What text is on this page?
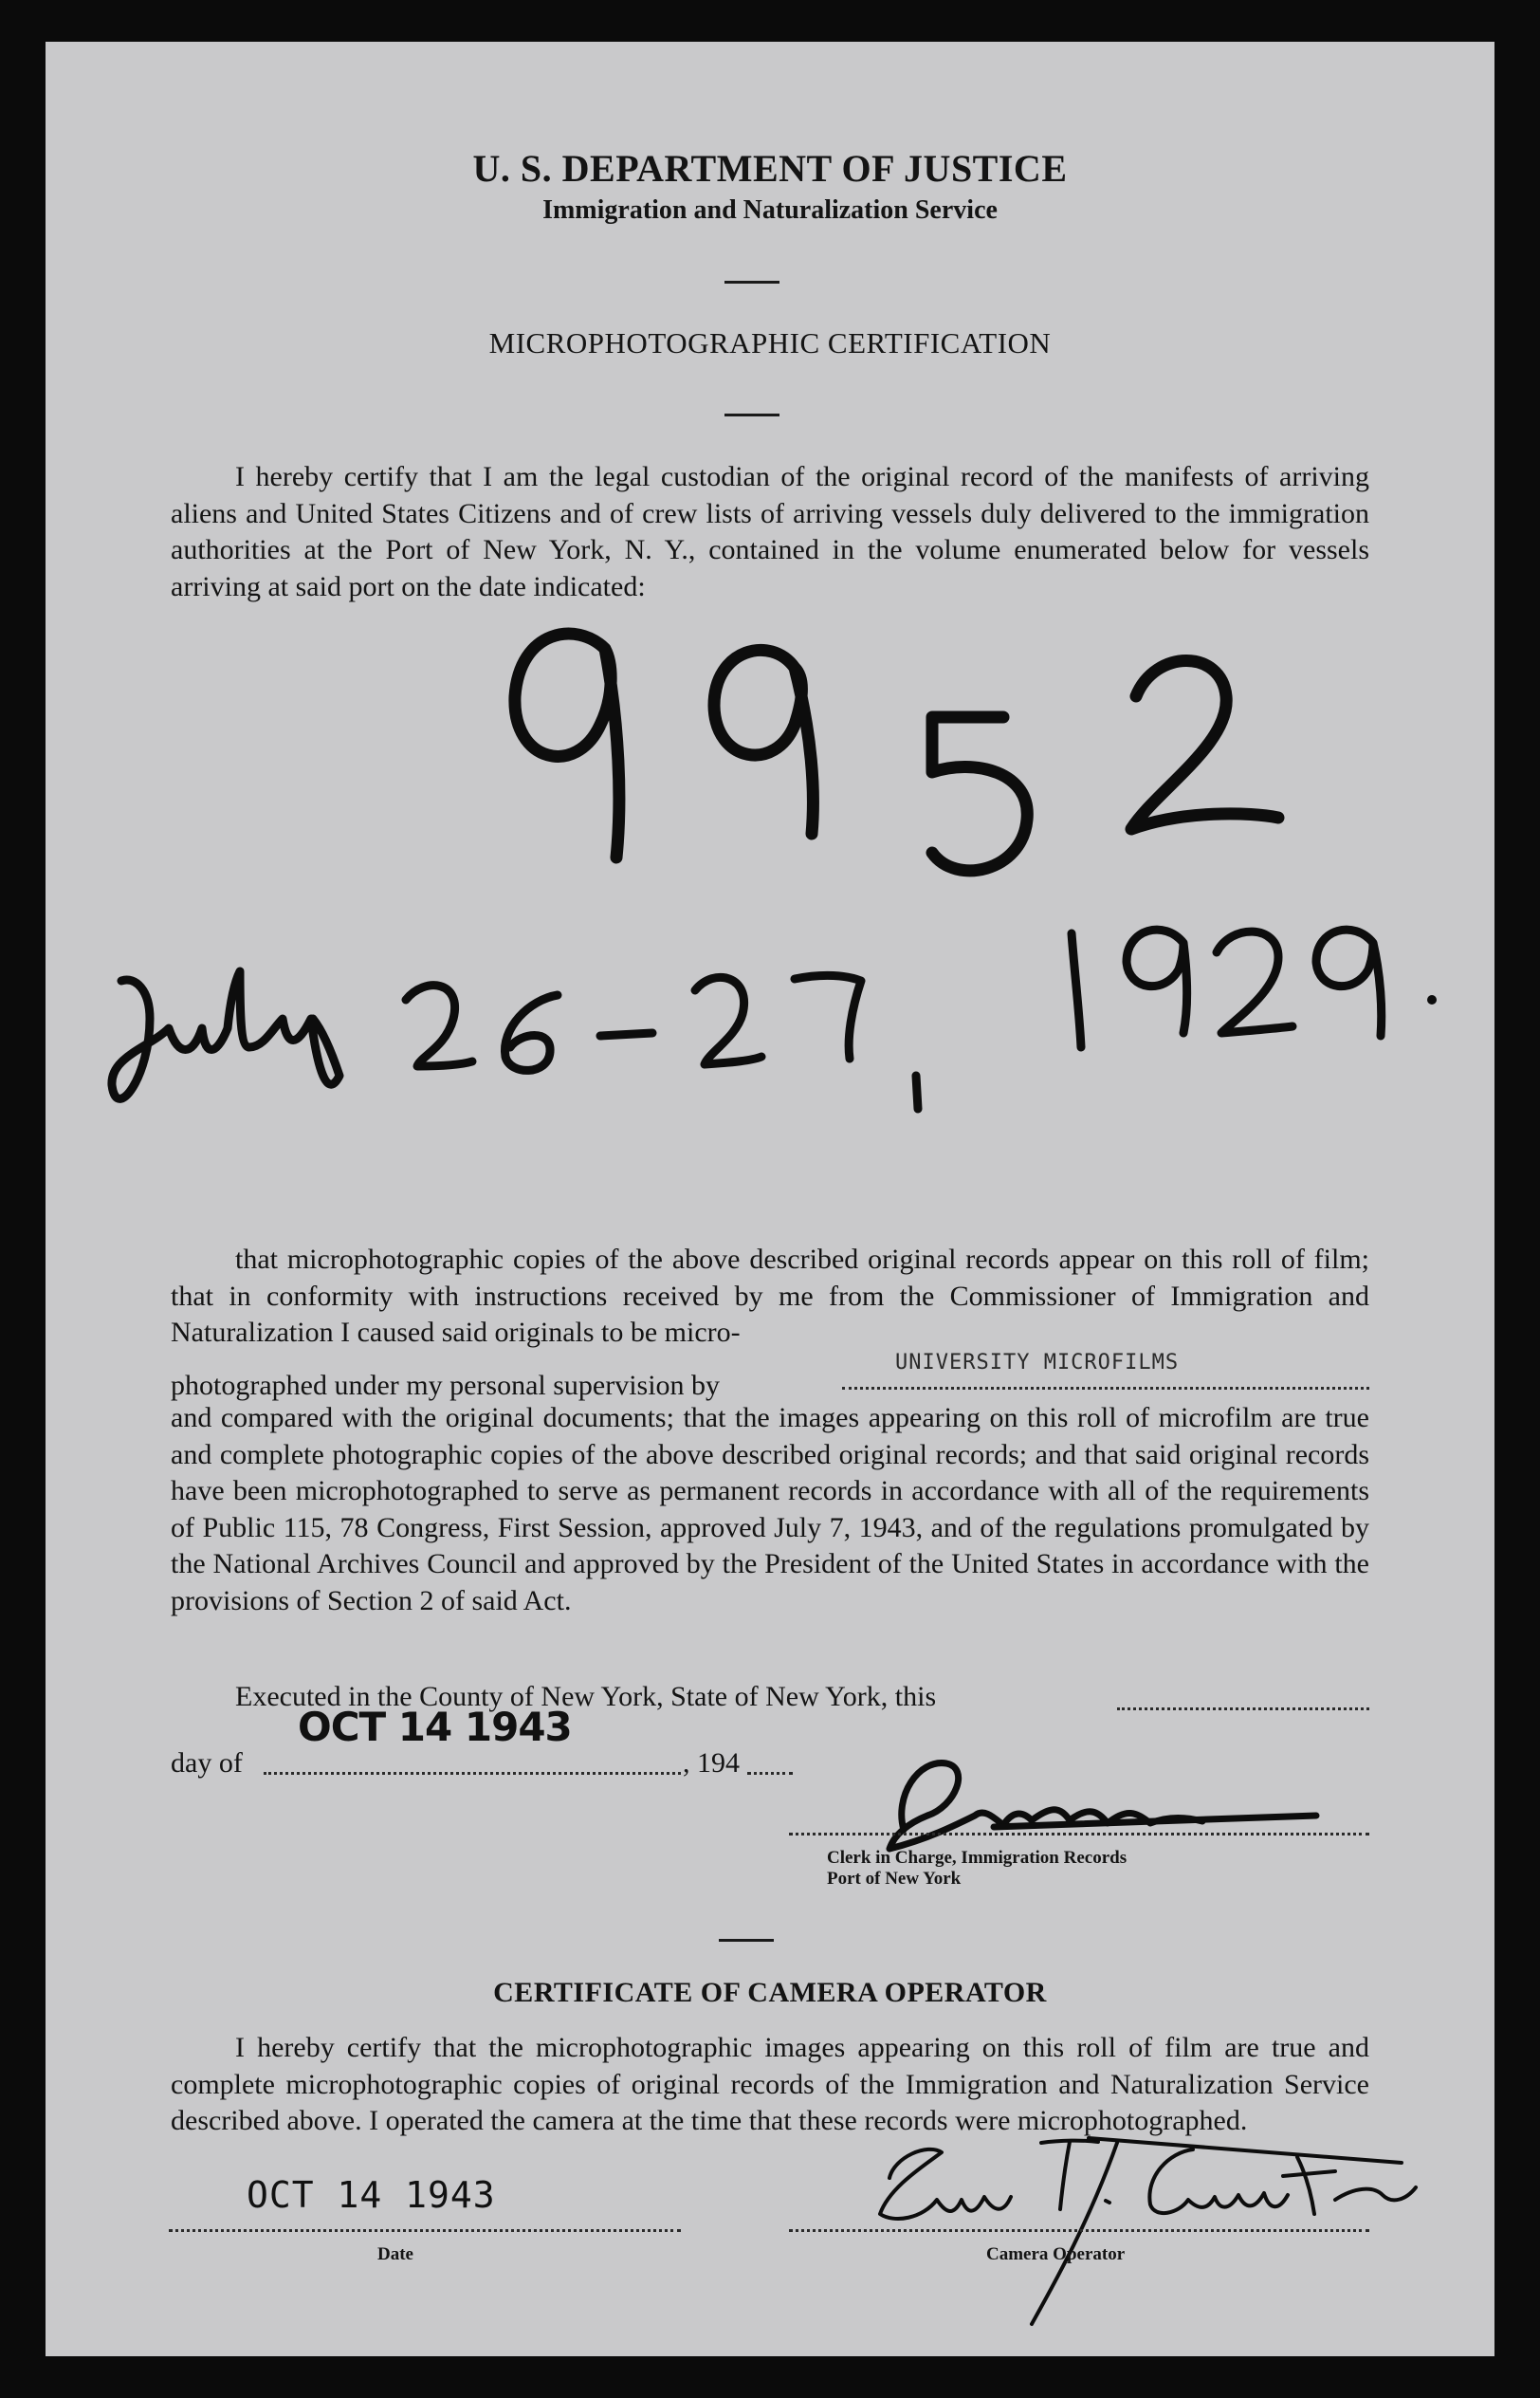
U. S. DEPARTMENT OF JUSTICE
Immigration and Naturalization Service
MICROPHOTOGRAPHIC CERTIFICATION
I hereby certify that I am the legal custodian of the original record of the manifests of arriving aliens and United States Citizens and of crew lists of arriving vessels duly delivered to the immigration authorities at the Port of New York, N. Y., contained in the volume enumerated below for vessels arriving at said port on the date indicated:
that microphotographic copies of the above described original records appear on this roll of film; that in conformity with instructions received by me from the Commissioner of Immigration and Naturalization I caused said originals to be micro-
photographed under my personal supervision by
UNIVERSITY MICROFILMS
and compared with the original documents; that the images appearing on this roll of microfilm are true and complete photographic copies of the above described original records; and that said original records have been microphotographed to serve as permanent records in accordance with all of the requirements of Public 115, 78 Congress, First Session, approved July 7, 1943, and of the regulations promulgated by the National Archives Council and approved by the President of the United States in accordance with the provisions of Section 2 of said Act.
Executed in the County of New York, State of New York, this
day of
OCT 14 1943
, 194
Clerk in Charge, Immigration Records
Port of New York
CERTIFICATE OF CAMERA OPERATOR
I hereby certify that the microphotographic images appearing on this roll of film are true and complete microphotographic copies of original records of the Immigration and Naturalization Service described above. I operated the camera at the time that these records were microphotographed.
OCT 14 1943
Date	Camera Operator
